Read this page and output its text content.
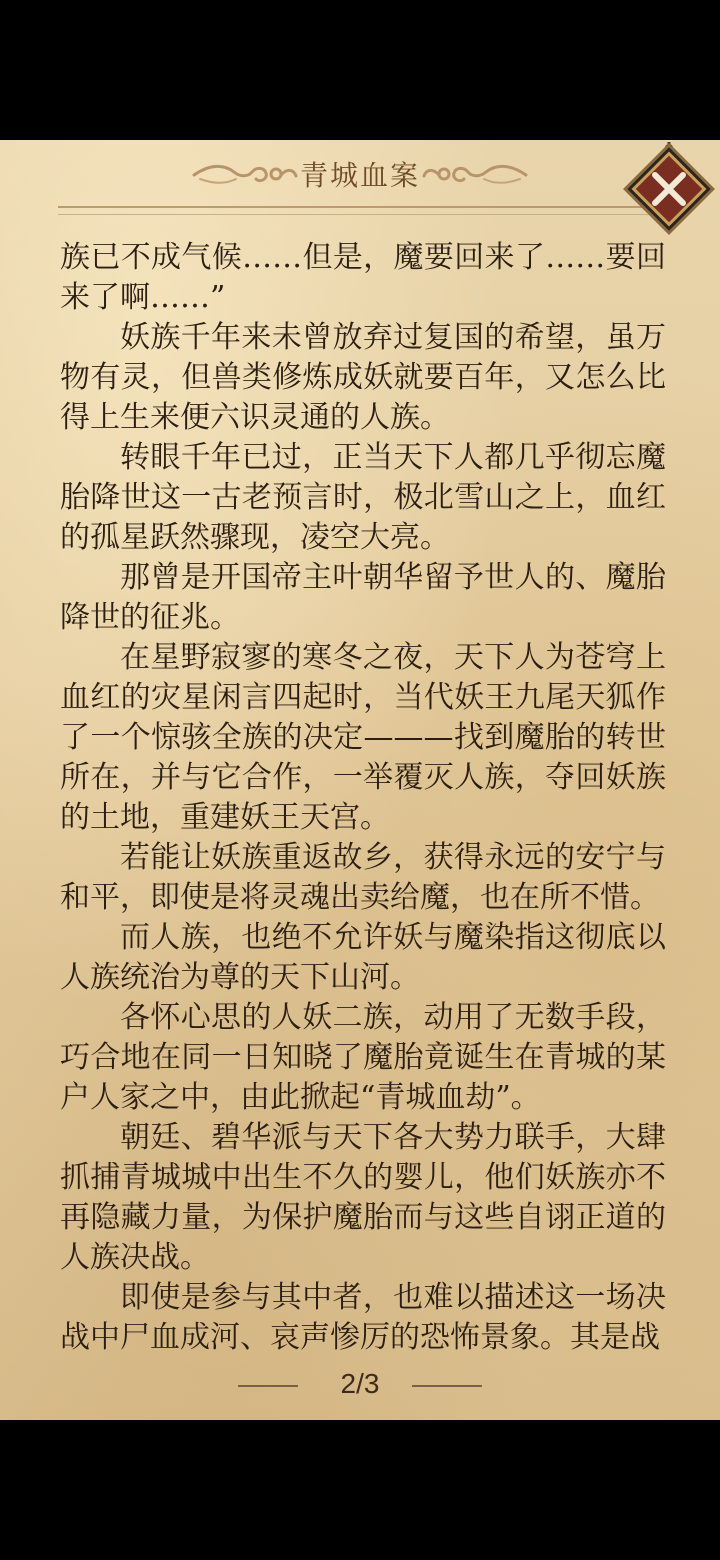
青城血案

族已不成气候……但是，魔要回来了……要回来了啊……”

妖族千年来未曾放弃过复国的希望，虽万物有灵，但兽类修炼成妖就要百年，又怎么比得上生来便六识灵通的人族。

转眼千年已过，正当天下人都几乎彻忘魔胎降世这一古老预言时，极北雪山之上，血红的孤星跃然骤现，凌空大亮。

那曾是开国帝主叶朝华留予世人的、魔胎降世的征兆。

在星野寂寥的寒冬之夜，天下人为苍穹上血红的灾星闲言四起时，当代妖王九尾天狐作了一个惊骇全族的决定———找到魔胎的转世所在，并与它合作，一举覆灭人族，夺回妖族的土地，重建妖王天宫。

若能让妖族重返故乡，获得永远的安宁与和平，即使是将灵魂出卖给魔，也在所不惜。

而人族，也绝不允许妖与魔染指这彻底以人族统治为尊的天下山河。

各怀心思的人妖二族，动用了无数手段，巧合地在同一日知晓了魔胎竟诞生在青城的某户人家之中，由此掀起“青城血劫”。

朝廷、碧华派与天下各大势力联手，大肆抓捕青城城中出生不久的婴儿，他们妖族亦不再隐藏力量，为保护魔胎而与这些自诩正道的人族决战。

即使是参与其中者，也难以描述这一场决战中尸血成河、哀声惨厉的恐怖景象。其是战

2/3
